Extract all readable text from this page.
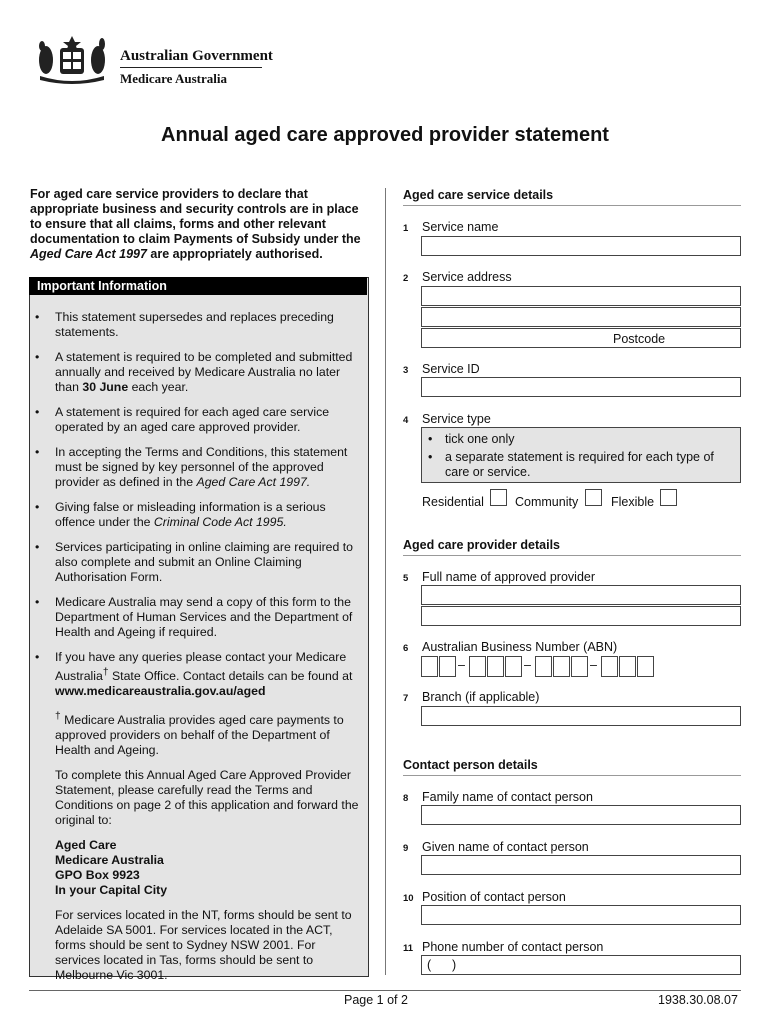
Australian Government
Medicare Australia
Annual aged care approved provider statement
For aged care service providers to declare that appropriate business and security controls are in place to ensure that all claims, forms and other relevant documentation to claim Payments of Subsidy under the Aged Care Act 1997 are appropriately authorised.
Important Information
• This statement supersedes and replaces preceding statements.
• A statement is required to be completed and submitted annually and received by Medicare Australia no later than 30 June each year.
• A statement is required for each aged care service operated by an aged care approved provider.
• In accepting the Terms and Conditions, this statement must be signed by key personnel of the approved provider as defined in the Aged Care Act 1997.
• Giving false or misleading information is a serious offence under the Criminal Code Act 1995.
• Services participating in online claiming are required to also complete and submit an Online Claiming Authorisation Form.
• Medicare Australia may send a copy of this form to the Department of Human Services and the Department of Health and Ageing if required.
• If you have any queries please contact your Medicare Australia† State Office. Contact details can be found at www.medicareaustralia.gov.au/aged
† Medicare Australia provides aged care payments to approved providers on behalf of the Department of Health and Ageing.
To complete this Annual Aged Care Approved Provider Statement, please carefully read the Terms and Conditions on page 2 of this application and forward the original to:
Aged Care
Medicare Australia
GPO Box 9923
In your Capital City
For services located in the NT, forms should be sent to Adelaide SA 5001. For services located in the ACT, forms should be sent to Sydney NSW 2001. For services located in Tas, forms should be sent to Melbourne Vic 3001.
Aged care service details
1 Service name
2 Service address
Postcode
3 Service ID
4 Service type
• tick one only
• a separate statement is required for each type of care or service.
Residential Community	Flexible
Aged care provider details
5 Full name of approved provider
6 Australian Business Number (ABN)
–	–	–
7 Branch (if applicable)
Contact person details
8 Family name of contact person
9 Given name of contact person
10 Position of contact person
11 Phone number of contact person
(      )
Page 1 of 2	1938.30.08.07
